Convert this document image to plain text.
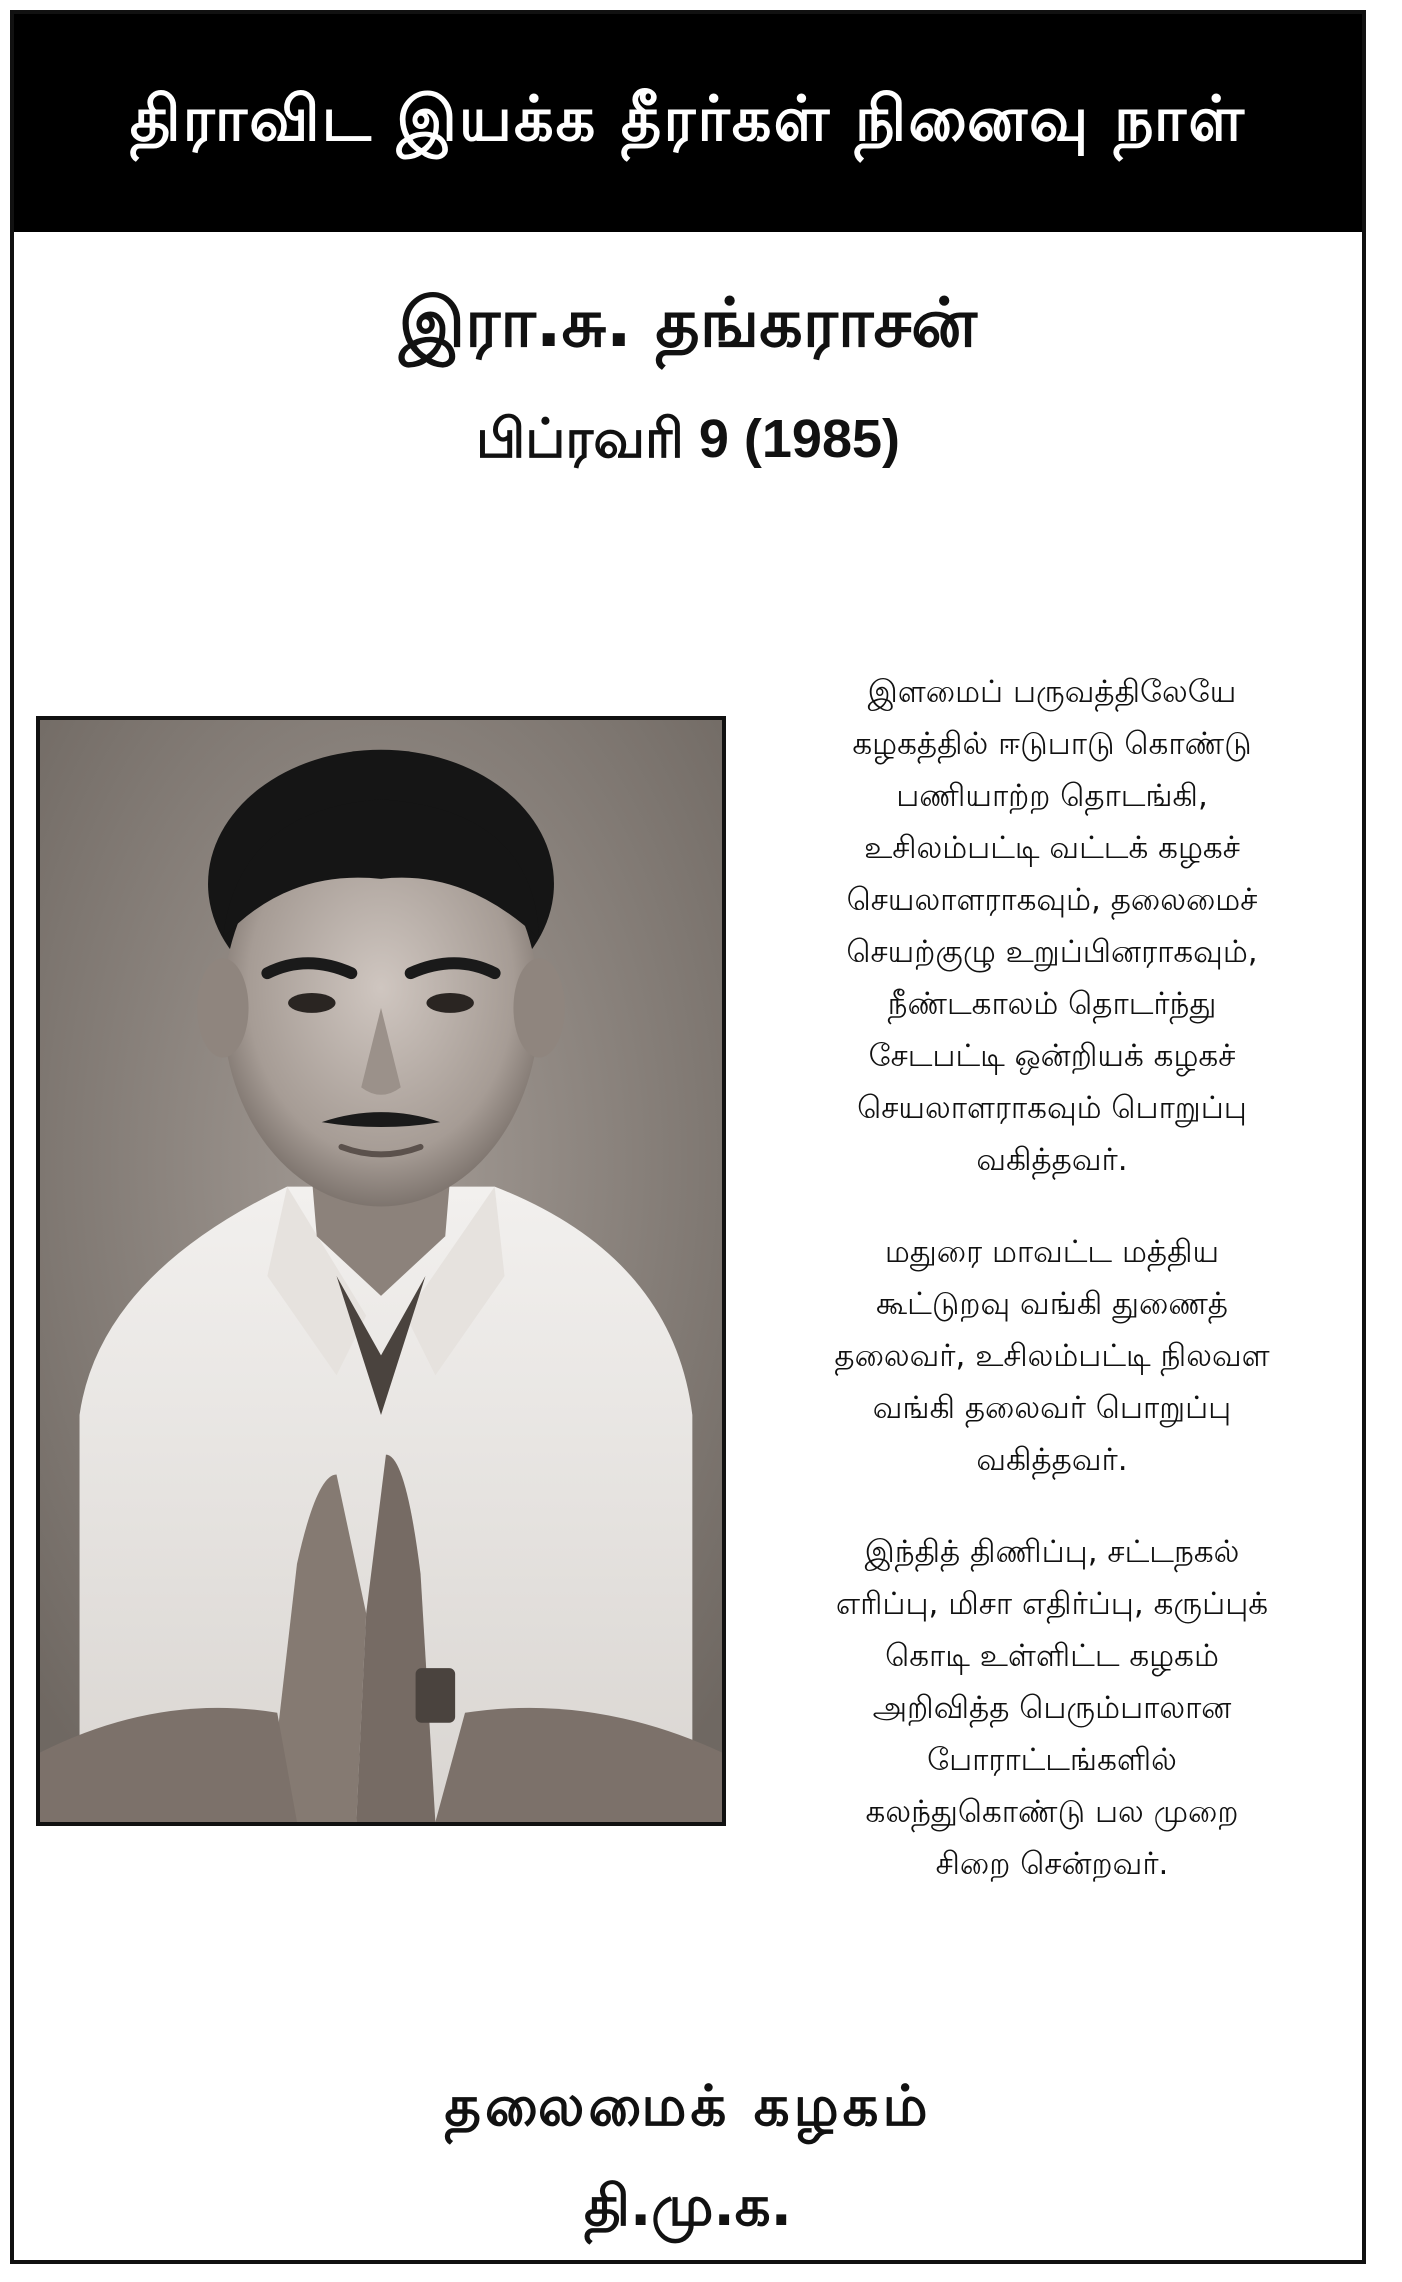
திராவிட இயக்க தீரர்கள் நினைவு நாள்
இரா.சு. தங்கராசன்
பிப்ரவரி 9 (1985)
இளமைப் பருவத்திலேயே
கழகத்தில் ஈடுபாடு கொண்டு
பணியாற்ற தொடங்கி,
உசிலம்பட்டி வட்டக் கழகச்
செயலாளராகவும், தலைமைச்
செயற்குழு உறுப்பினராகவும்,
நீண்டகாலம் தொடர்ந்து
சேடபட்டி ஒன்றியக் கழகச்
செயலாளராகவும் பொறுப்பு
வகித்தவர்.
மதுரை மாவட்ட மத்திய
கூட்டுறவு வங்கி துணைத்
தலைவர், உசிலம்பட்டி நிலவள
வங்கி தலைவர் பொறுப்பு
வகித்தவர்.
இந்தித் திணிப்பு, சட்டநகல்
எரிப்பு, மிசா எதிர்ப்பு, கருப்புக்
கொடி உள்ளிட்ட கழகம்
அறிவித்த பெரும்பாலான
போராட்டங்களில்
கலந்துகொண்டு பல முறை
சிறை சென்றவர்.
தலைமைக் கழகம்
தி.மு.க.
